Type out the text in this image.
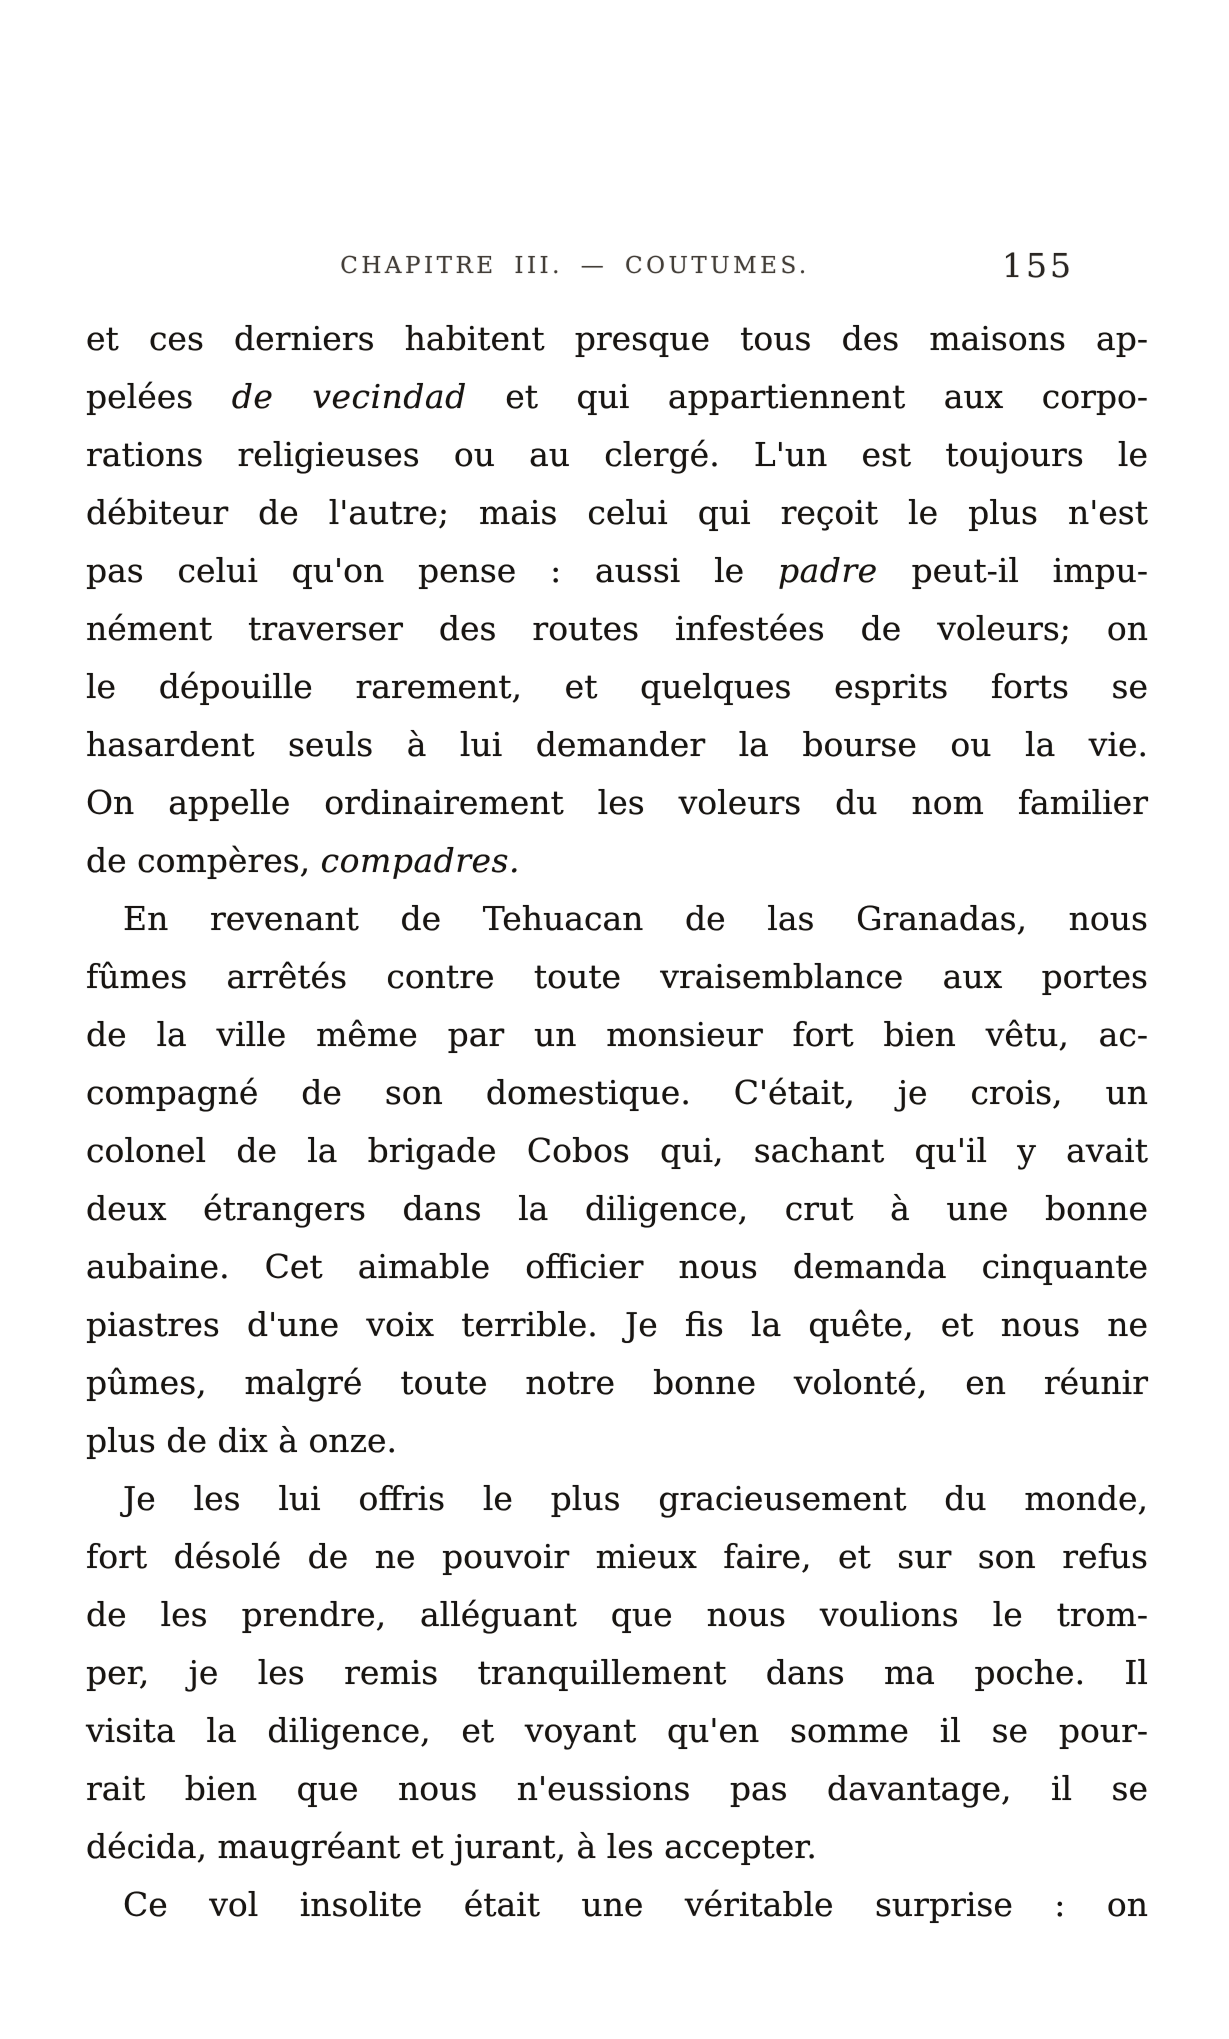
CHAPITRE III. — COUTUMES.	155
et ces derniers habitent presque tous des maisons ap-
pelées de vecindad et qui appartiennent aux corpo-
rations religieuses ou au clergé. L'un est toujours le
débiteur de l'autre; mais celui qui reçoit le plus n'est
pas celui qu'on pense : aussi le padre peut-il impu-
nément traverser des routes infestées de voleurs; on
le dépouille rarement, et quelques esprits forts se
hasardent seuls à lui demander la bourse ou la vie.
On appelle ordinairement les voleurs du nom familier
de compères, compadres.
En revenant de Tehuacan de las Granadas, nous
fûmes arrêtés contre toute vraisemblance aux portes
de la ville même par un monsieur fort bien vêtu, ac-
compagné de son domestique. C'était, je crois, un
colonel de la brigade Cobos qui, sachant qu'il y avait
deux étrangers dans la diligence, crut à une bonne
aubaine. Cet aimable officier nous demanda cinquante
piastres d'une voix terrible. Je fis la quête, et nous ne
pûmes, malgré toute notre bonne volonté, en réunir
plus de dix à onze.
Je les lui offris le plus gracieusement du monde,
fort désolé de ne pouvoir mieux faire, et sur son refus
de les prendre, alléguant que nous voulions le trom-
per, je les remis tranquillement dans ma poche. Il
visita la diligence, et voyant qu'en somme il se pour-
rait bien que nous n'eussions pas davantage, il se
décida, maugréant et jurant, à les accepter.
Ce vol insolite était une véritable surprise : on
